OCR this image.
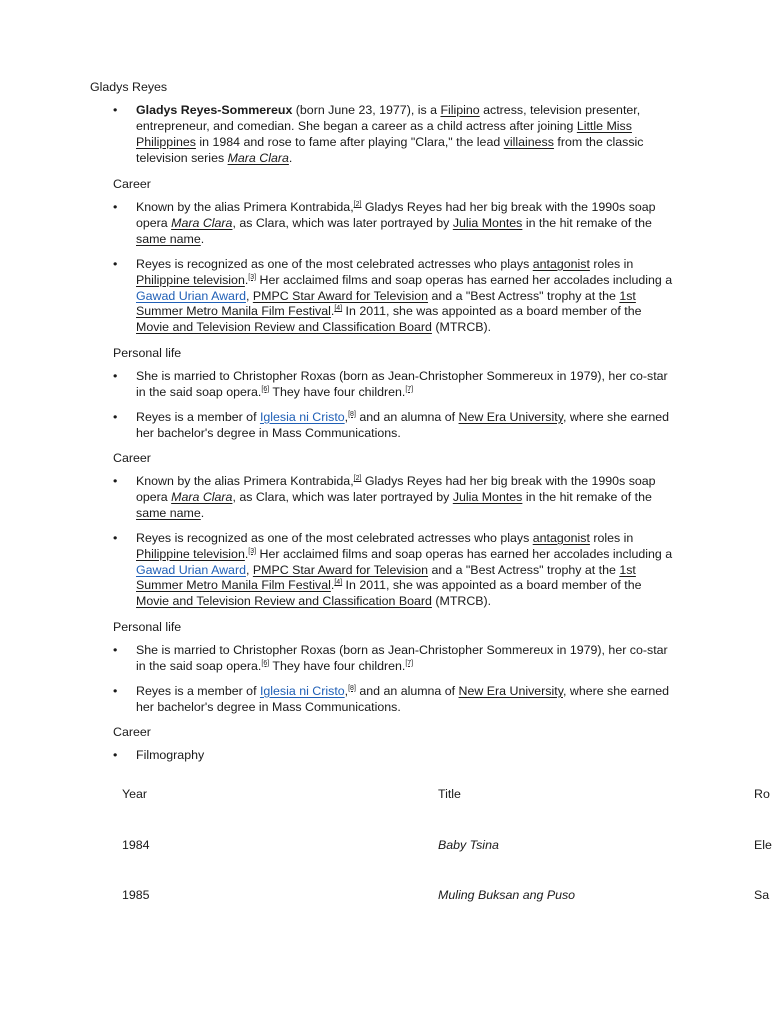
Gladys Reyes
•	Gladys Reyes-Sommereux (born June 23, 1977), is a Filipino actress, television presenter, entrepreneur, and comedian. She began a career as a child actress after joining Little Miss Philippines in 1984 and rose to fame after playing "Clara," the lead villainess from the classic television series Mara Clara.

Career

•	Known by the alias Primera Kontrabida,[2] Gladys Reyes had her big break with the 1990s soap opera Mara Clara, as Clara, which was later portrayed by Julia Montes in the hit remake of the same name.
•	Reyes is recognized as one of the most celebrated actresses who plays antagonist roles in Philippine television.[3] Her acclaimed films and soap operas has earned her accolades including a Gawad Urian Award, PMPC Star Award for Television and a "Best Actress" trophy at the 1st Summer Metro Manila Film Festival.[4] In 2011, she was appointed as a board member of the Movie and Television Review and Classification Board (MTRCB).

Personal life

•	She is married to Christopher Roxas (born as Jean-Christopher Sommereux in 1979), her co-star in the said soap opera.[6] They have four children.[7]
•	Reyes is a member of Iglesia ni Cristo,[8] and an alumna of New Era University, where she earned her bachelor's degree in Mass Communications.

Career

•	Known by the alias Primera Kontrabida,[2] Gladys Reyes had her big break with the 1990s soap opera Mara Clara, as Clara, which was later portrayed by Julia Montes in the hit remake of the same name.
•	Reyes is recognized as one of the most celebrated actresses who plays antagonist roles in Philippine television.[3] Her acclaimed films and soap operas has earned her accolades including a Gawad Urian Award, PMPC Star Award for Television and a "Best Actress" trophy at the 1st Summer Metro Manila Film Festival.[4] In 2011, she was appointed as a board member of the Movie and Television Review and Classification Board (MTRCB).

Personal life

•	She is married to Christopher Roxas (born as Jean-Christopher Sommereux in 1979), her co-star in the said soap opera.[6] They have four children.[7]
•	Reyes is a member of Iglesia ni Cristo,[8] and an alumna of New Era University, where she earned her bachelor's degree in Mass Communications.

Career

•	Filmography
Year	Title	Ro
1984	Baby Tsina	Ele
1985	Muling Buksan ang Puso	Sa
